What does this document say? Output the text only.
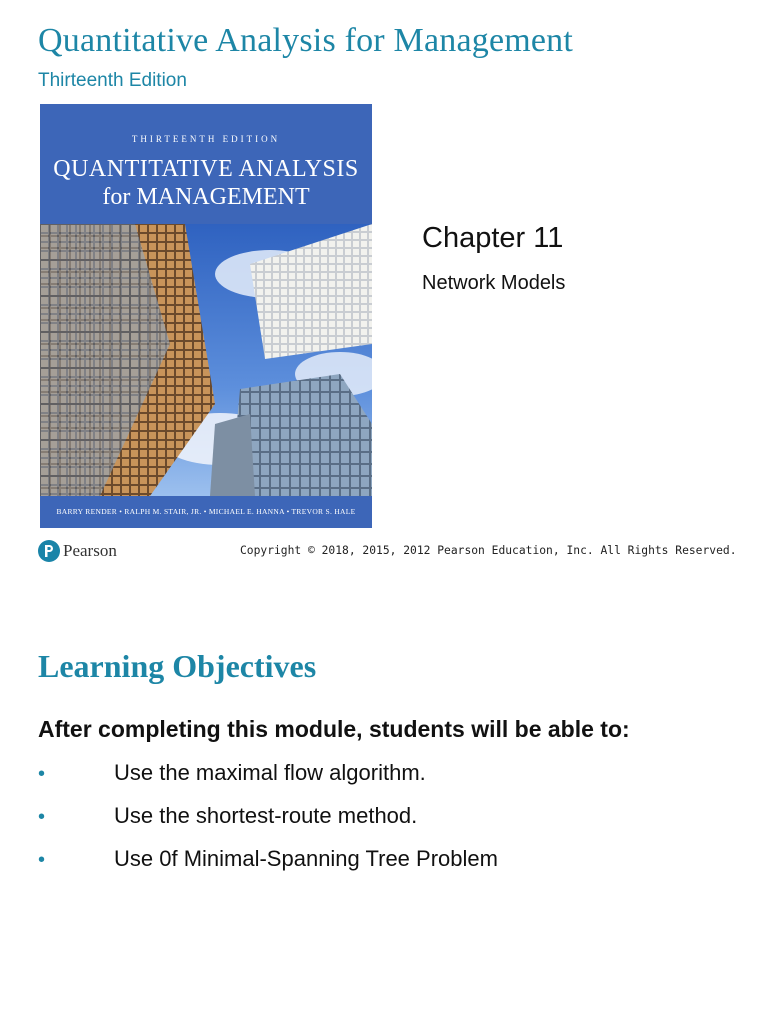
Quantitative Analysis for Management
Thirteenth Edition
THIRTEENTH EDITION
QUANTITATIVE ANALYSIS
for MANAGEMENT
BARRY RENDER • RALPH M. STAIR, JR. • MICHAEL E. HANNA • TREVOR S. HALE
Chapter 11
Network Models
Pearson	Copyright © 2018, 2015, 2012 Pearson Education, Inc. All Rights Reserved.
Learning Objectives
After completing this module, students will be able to:
•	Use the maximal flow algorithm.
•	Use the shortest-route method.
•	Use 0f Minimal-Spanning Tree Problem
